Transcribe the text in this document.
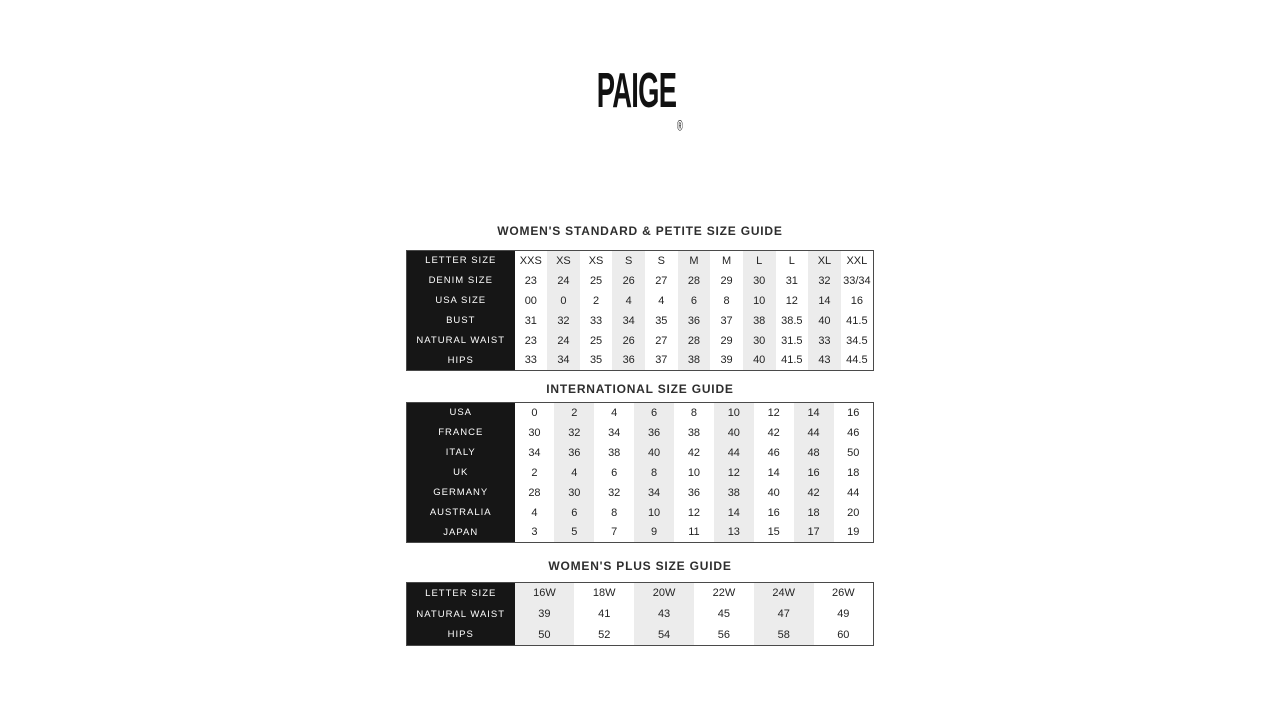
$PAIGE_®$
WOMEN'S STANDARD & PETITE SIZE GUIDE
LETTER SIZE	XXS	XS	XS	S	S	M	M	L	L	XL	XXL
DENIM SIZE	23	24	25	26	27	28	29	30	31	32	33/34
USA SIZE	00	0	2	4	4	6	8	10	12	14	16
BUST	31	32	33	34	35	36	37	38	38.5	40	41.5
NATURAL WAIST	23	24	25	26	27	28	29	30	31.5	33	34.5
HIPS	33	34	35	36	37	38	39	40	41.5	43	44.5
INTERNATIONAL SIZE GUIDE
USA	0	2	4	6	8	10	12	14	16
FRANCE	30	32	34	36	38	40	42	44	46
ITALY	34	36	38	40	42	44	46	48	50
UK	2	4	6	8	10	12	14	16	18
GERMANY	28	30	32	34	36	38	40	42	44
AUSTRALIA	4	6	8	10	12	14	16	18	20
JAPAN	3	5	7	9	11	13	15	17	19
WOMEN'S PLUS SIZE GUIDE
LETTER SIZE	16W	18W	20W	22W	24W	26W
NATURAL WAIST	39	41	43	45	47	49
HIPS	50	52	54	56	58	60
